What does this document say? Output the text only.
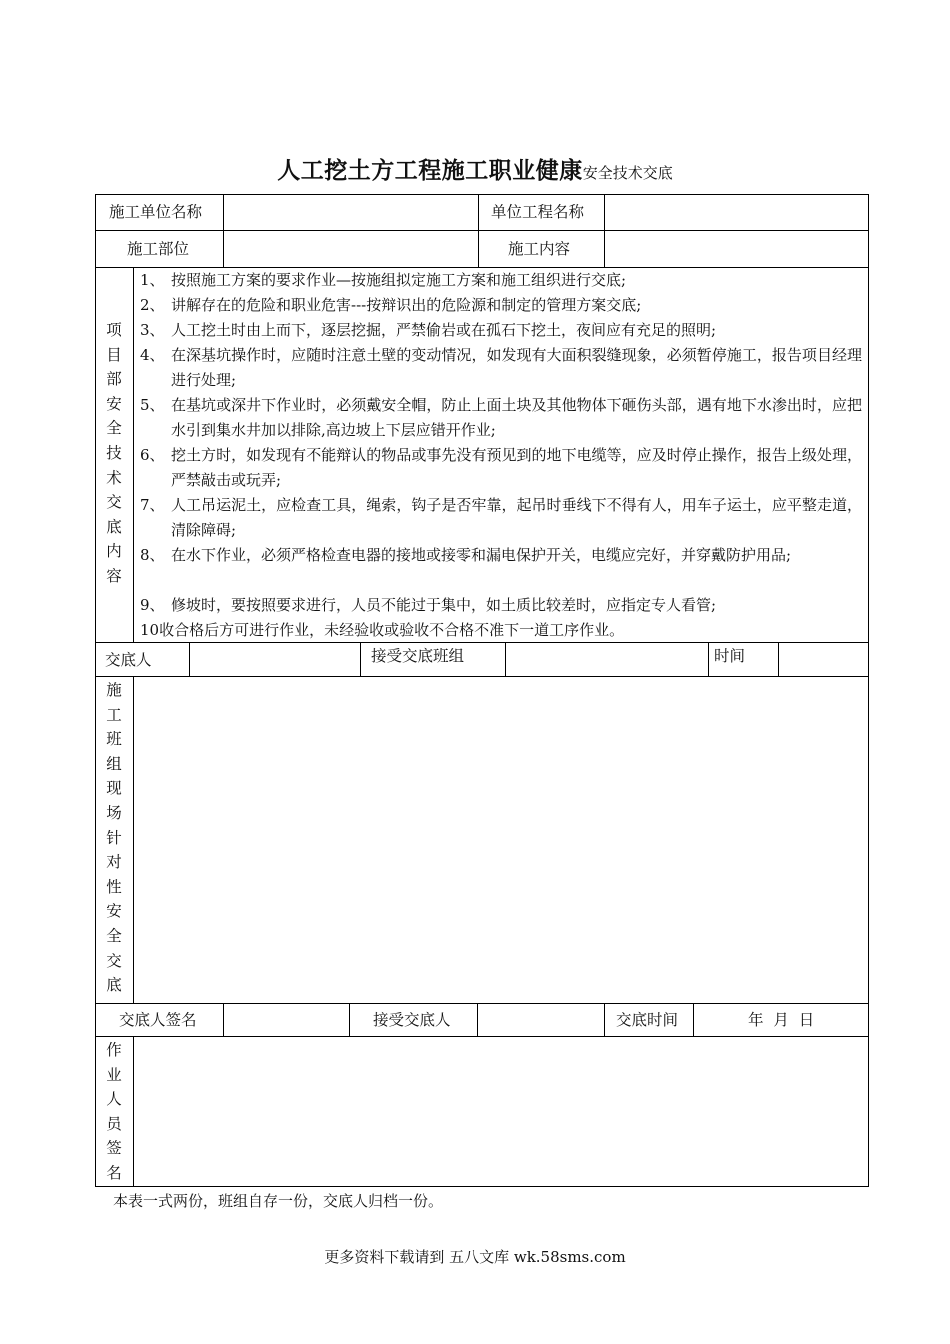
人工挖土方工程施工职业健康安全技术交底
施工单位名称	单位工程名称
施工部位	施工内容
项目部安全技术交底内容
1、 按照施工方案的要求作业—按施组拟定施工方案和施工组织进行交底;
2、 讲解存在的危险和职业危害---按辩识出的危险源和制定的管理方案交底;
3、 人工挖土时由上而下，逐层挖掘，严禁偷岩或在孤石下挖土，夜间应有充足的照明;
4、 在深基坑操作时，应随时注意土壁的变动情况，如发现有大面积裂缝现象，必须暂停施工，报告项目经理进行处理;
5、 在基坑或深井下作业时，必须戴安全帽，防止上面土块及其他物体下砸伤头部，遇有地下水渗出时，应把水引到集水井加以排除,高边坡上下层应错开作业;
6、 挖土方时，如发现有不能辩认的物品或事先没有预见到的地下电缆等，应及时停止操作，报告上级处理，严禁敲击或玩弄;
7、 人工吊运泥土，应检查工具，绳索，钩子是否牢靠，起吊时垂线下不得有人，用车子运土，应平整走道，清除障碍;
8、 在水下作业，必须严格检查电器的接地或接零和漏电保护开关，电缆应完好，并穿戴防护用品;
9、 修坡时，要按照要求进行，人员不能过于集中，如土质比较差时，应指定专人看管;
10收合格后方可进行作业，未经验收或验收不合格不准下一道工序作业。
交底人	接受交底班组	时间
施工班组现场针对性安全交底
交底人签名	接受交底人	交底时间	年  月  日
作业人员签名
本表一式两份，班组自存一份，交底人归档一份。
更多资料下载请到 五八文库 wk.58sms.com
